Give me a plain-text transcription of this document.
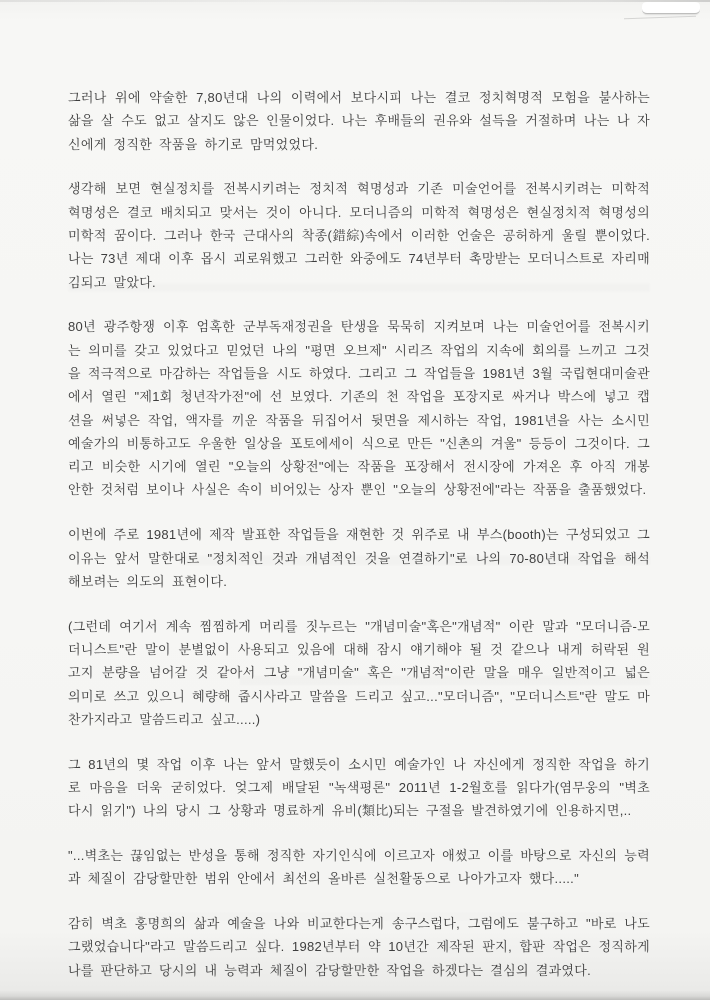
그러나 위에 약술한 7,80년대 나의 이력에서 보다시피 나는 결코 정치혁명적 모험을 불사하는 삶을 살 수도 없고 살지도 않은 인물이었다. 나는 후배들의 권유와 설득을 거절하며 나는 나 자신에게 정직한 작품을 하기로 맘먹었었다.

생각해 보면 현실정치를 전복시키려는 정치적 혁명성과 기존 미술언어를 전복시키려는 미학적 혁명성은 결코 배치되고 맞서는 것이 아니다. 모더니즘의 미학적 혁명성은 현실정치적 혁명성의 미학적 꿈이다. 그러나 한국 근대사의 착종(錯綜)속에서 이러한 언술은 공허하게 울릴 뿐이었다. 나는 73년 제대 이후 몹시 괴로워했고 그러한 와중에도 74년부터 촉망받는 모더니스트로 자리매김되고 말았다.

80년 광주항쟁 이후 엄혹한 군부독재정권을 탄생을 묵묵히 지켜보며 나는 미술언어를 전복시키는 의미를 갖고 있었다고 믿었던 나의 "평면 오브제" 시리즈 작업의 지속에 회의를 느끼고 그것을 적극적으로 마감하는 작업들을 시도 하였다. 그리고 그 작업들을 1981년 3월 국립현대미술관에서 열린 "제1회 청년작가전"에 선 보였다. 기존의 천 작업을 포장지로 싸거나 박스에 넣고 캡션을 써넣은 작업, 액자를 끼운 작품을 뒤집어서 뒷면을 제시하는 작업, 1981년을 사는 소시민 예술가의 비통하고도 우울한 일상을 포토에세이 식으로 만든 "신촌의 겨울" 등등이 그것이다. 그리고 비슷한 시기에 열린 "오늘의 상황전"에는 작품을 포장해서 전시장에 가져온 후 아직 개봉 안한 것처럼 보이나 사실은 속이 비어있는 상자 뿐인 "오늘의 상황전에"라는 작품을 출품했었다.

이번에 주로 1981년에 제작 발표한 작업들을 재현한 것 위주로 내 부스(booth)는 구성되었고 그 이유는 앞서 말한대로 "정치적인 것과 개념적인 것을 연결하기"로 나의 70-80년대 작업을 해석해보려는 의도의 표현이다.

(그런데 여기서 계속 찜찜하게 머리를 짓누르는 "개념미술"혹은"개념적" 이란 말과 "모더니즘-모더니스트"란 말이 분별없이 사용되고 있음에 대해 잠시 얘기해야 될 것 같으나 내게 허락된 원고지 분량을 넘어갈 것 같아서 그냥 "개념미술" 혹은 "개념적"이란 말을 매우 일반적이고 넓은 의미로 쓰고 있으니 혜량해 줍시사라고 말씀을 드리고 싶고..."모더니즘", "모더니스트"란 말도 마찬가지라고 말씀드리고 싶고.....)

그 81년의 몇 작업 이후 나는 앞서 말했듯이 소시민 예술가인 나 자신에게 정직한 작업을 하기로 마음을 더욱 굳히었다. 엊그제 배달된 "녹색평론" 2011년 1-2월호를 읽다가(염무웅의 "벽초 다시 읽기") 나의 당시 그 상황과 명료하게 유비(類比)되는 구절을 발견하였기에 인용하지면,..

"...벽초는 끊임없는 반성을 통해 정직한 자기인식에 이르고자 애썼고 이를 바탕으로 자신의 능력과 체질이 감당할만한 범위 안에서 최선의 올바른 실천활동으로 나아가고자 했다....."

감히 벽초 홍명희의 삶과 예술을 나와 비교한다는게 송구스럽다, 그럼에도 불구하고 "바로 나도 그랬었습니다"라고 말씀드리고 싶다. 1982년부터 약 10년간 제작된 판지, 합판 작업은 정직하게 나를 판단하고 당시의 내 능력과 체질이 감당할만한 작업을 하겠다는 결심의 결과였다.
